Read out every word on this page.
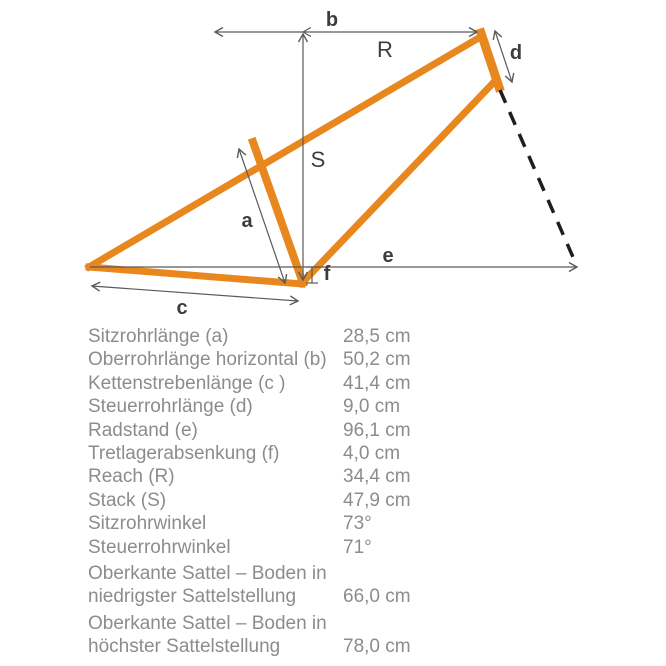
b
R	d
S
a
e
c
f
Sitzrohrlänge (a)	28,5 cm
Oberrohrlänge horizontal (b) 50,2 cm
Kettenstrebenlänge (c )	41,4 cm
Steuerrohrlänge (d)	9,0 cm
Radstand (e)	96,1 cm
Tretlagerabsenkung (f)	4,0 cm
Reach (R)	34,4 cm
Stack (S)	47,9 cm
Sitzrohrwinkel	73°
Steuerrohrwinkel	71°
Oberkante Sattel – Boden in niedrigster Sattelstellung	66,0 cm
Oberkante Sattel – Boden in höchster Sattelstellung	78,0 cm
